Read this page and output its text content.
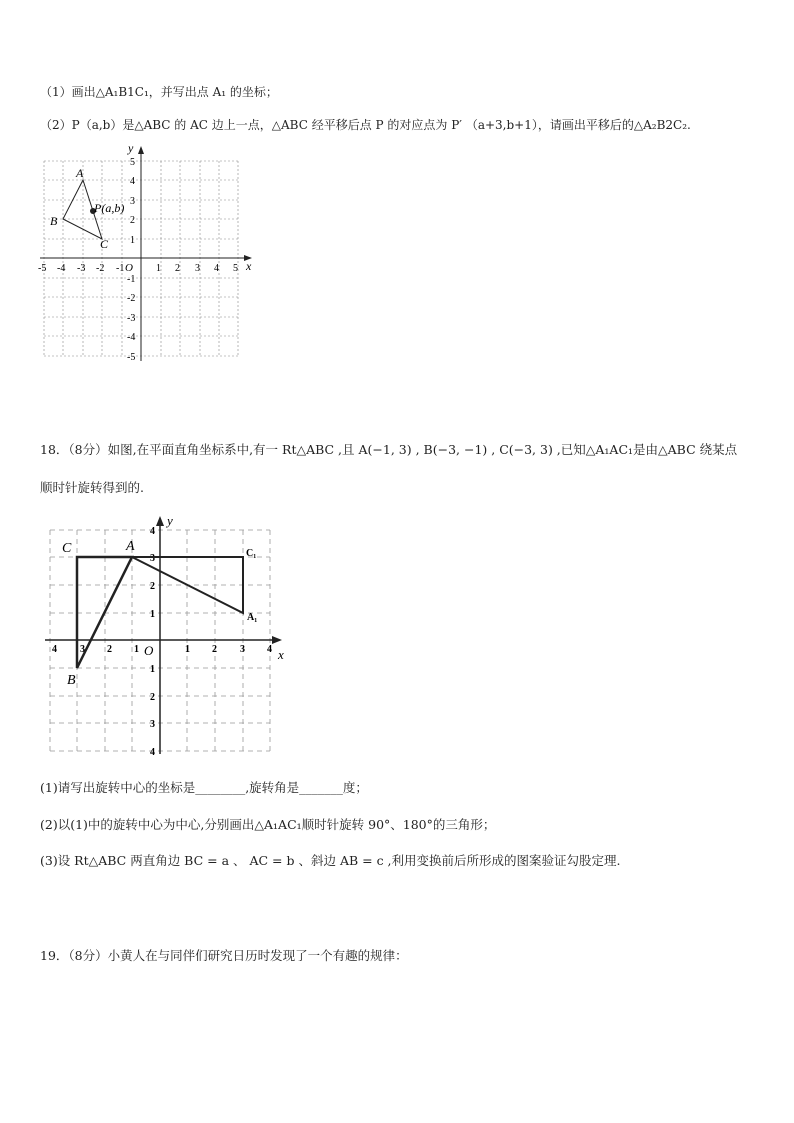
（1）画出△A₁B1C₁，并写出点 A₁ 的坐标；
（2）P（a,b）是△ABC 的 AC 边上一点，△ABC 经平移后点 P 的对应点为 P′ （a+3,b+1），请画出平移后的△A₂B2C₂.
x
y
O
-5 -4 -3 -2 -1	1 2 3 4 5
5
4
3
2
1
-1
-2
-3
-4
-5
A
B
C
P(a,b)
18．（8分）如图,在平面直角坐标系中,有一 Rt△ABC ,且 A(−1, 3) , B(−3, −1) , C(−3, 3) ,已知△A₁AC₁是由△ABC 绕某点
顺时针旋转得到的.
x
y
O
4 3 2 1	1 2 3 4
4
3
2
1
1
2
3
4
A
C
B
C₁
A₁
(1)请写出旋转中心的坐标是________,旋转角是_______度；
(2)以(1)中的旋转中心为中心,分别画出△A₁AC₁顺时针旋转 90°、180°的三角形；
(3)设 Rt△ABC 两直角边 BC = a 、 AC = b 、斜边 AB = c ,利用变换前后所形成的图案验证勾股定理.
19．（8分）小黄人在与同伴们研究日历时发现了一个有趣的规律：
